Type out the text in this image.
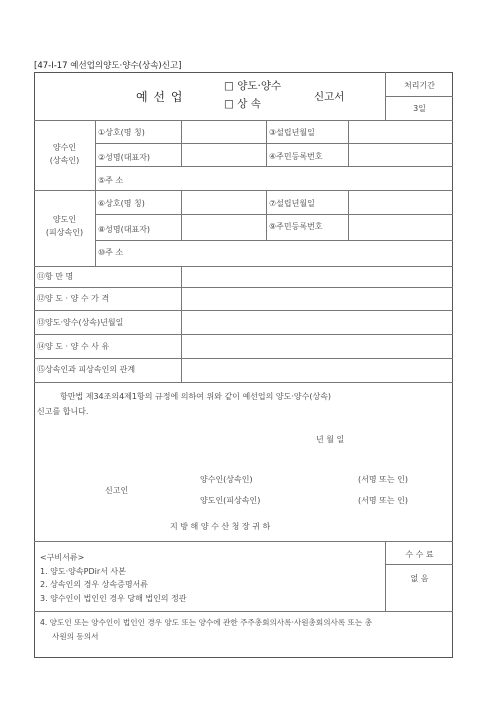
[47-I-17 예선업의양도·양수(상속)신고]
예 선 업
□ 양도·양수
□ 상 속
신고서
처리기간
3일
양수인
(상속인)
①상호(명 칭)	③설립년월일
②성명(대표자)	④주민등록번호
⑤주 소
양도인
(피상속인)
⑥상호(명 칭)	⑦설립년월일
⑧성명(대표자)	⑨주민등록번호
⑩주 소
⑪항 만 명
⑫양 도 · 양 수 가 격
⑬양도·양수(상속)년월일
⑭양 도 · 양 수 사 유
⑮상속인과 피상속인의 관계
항만법 제34조의4제1항의 규정에 의하여 위와 같이 예선업의 양도·양수(상속)
신고를 합니다.
년 월 일
신고인
양수인(상속인)	(서명 또는 인)
양도인(피상속인)	(서명 또는 인)
지 방 해 양 수 산 청 장 귀 하
<구비서류>
1. 양도·양속PDir서 사본
2. 상속인의 경우 상속증명서류
3. 양수인이 법인인 경우 당해 법인의 정관
4. 양도인 또는 양수인이 법인인 경우 양도 또는 양수에 관한 주주총회의사록·사원총회의사록 또는 총
사원의 동의서
수 수 료
없 음
